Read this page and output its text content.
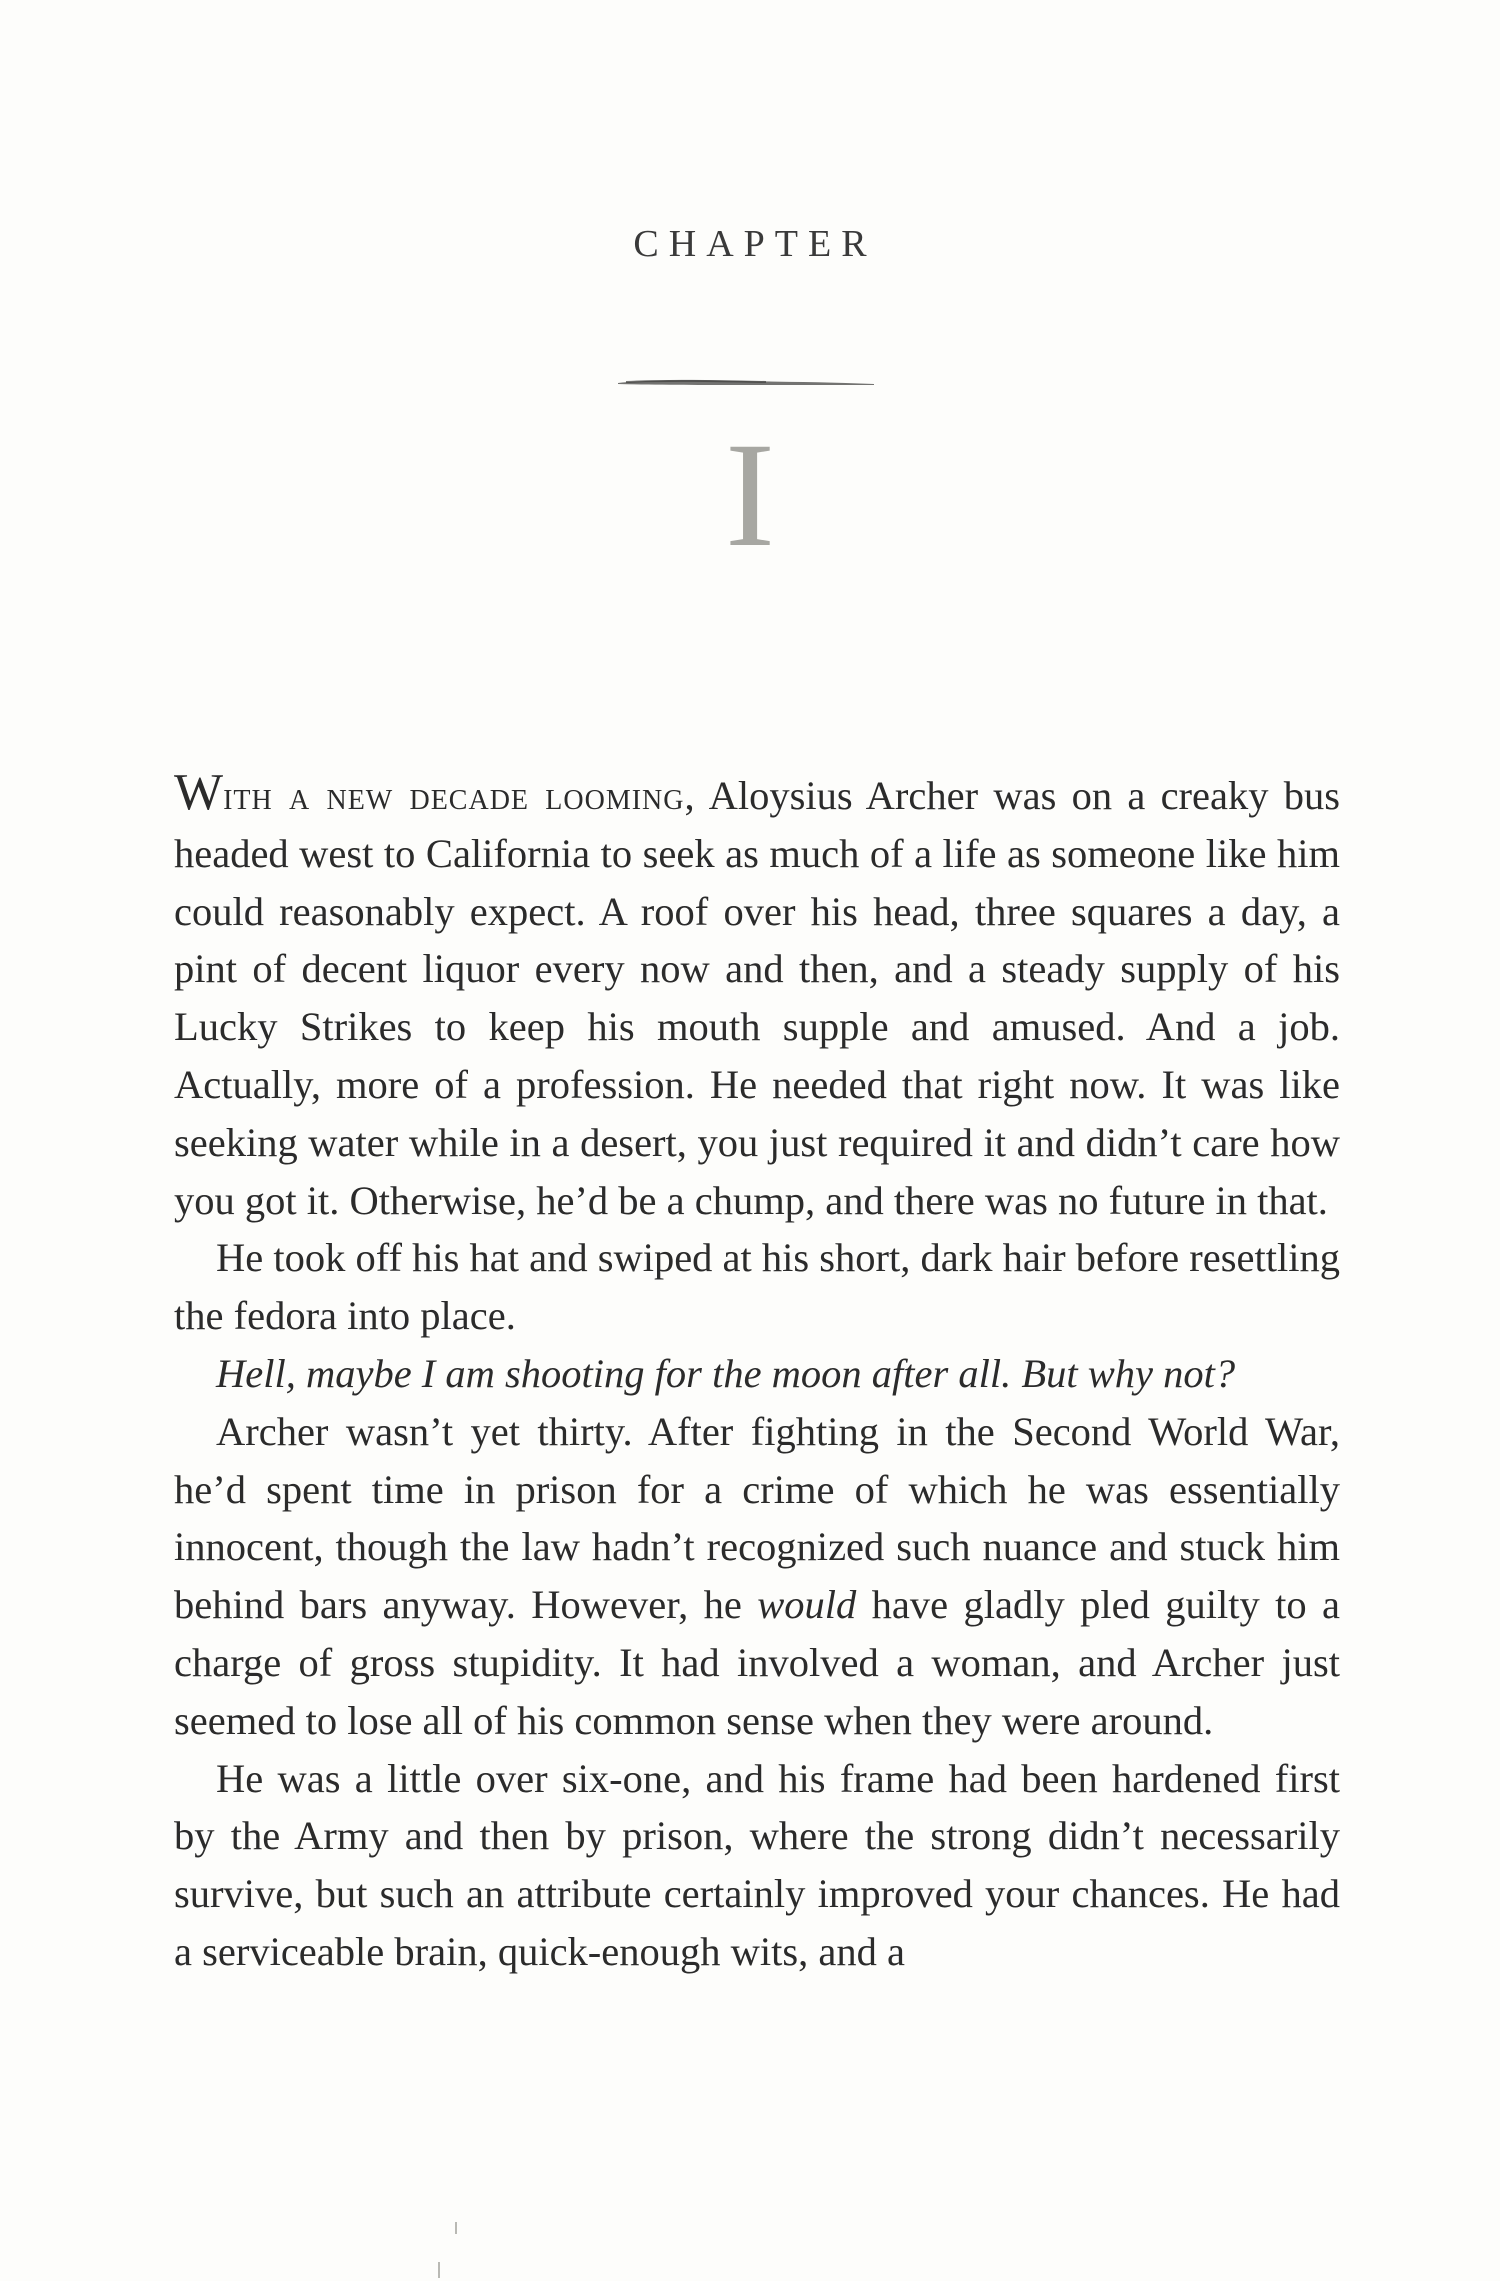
CHAPTER
I

With a new decade looming, Aloysius Archer was on a creaky bus headed west to California to seek as much of a life as someone like him could reasonably expect. A roof over his head, three squares a day, a pint of decent liquor every now and then, and a steady supply of his Lucky Strikes to keep his mouth supple and amused. And a job. Actually, more of a profession. He needed that right now. It was like seeking water while in a desert, you just required it and didn’t care how you got it. Otherwise, he’d be a chump, and there was no future in that.

He took off his hat and swiped at his short, dark hair before resettling the fedora into place.

Hell, maybe I am shooting for the moon after all. But why not?

Archer wasn’t yet thirty. After fighting in the Second World War, he’d spent time in prison for a crime of which he was essentially innocent, though the law hadn’t recognized such nuance and stuck him behind bars anyway. However, he would have gladly pled guilty to a charge of gross stupidity. It had involved a woman, and Archer just seemed to lose all of his common sense when they were around.

He was a little over six-one, and his frame had been hardened first by the Army and then by prison, where the strong didn’t necessarily survive, but such an attribute certainly improved your chances. He had a serviceable brain, quick-enough wits, and a
